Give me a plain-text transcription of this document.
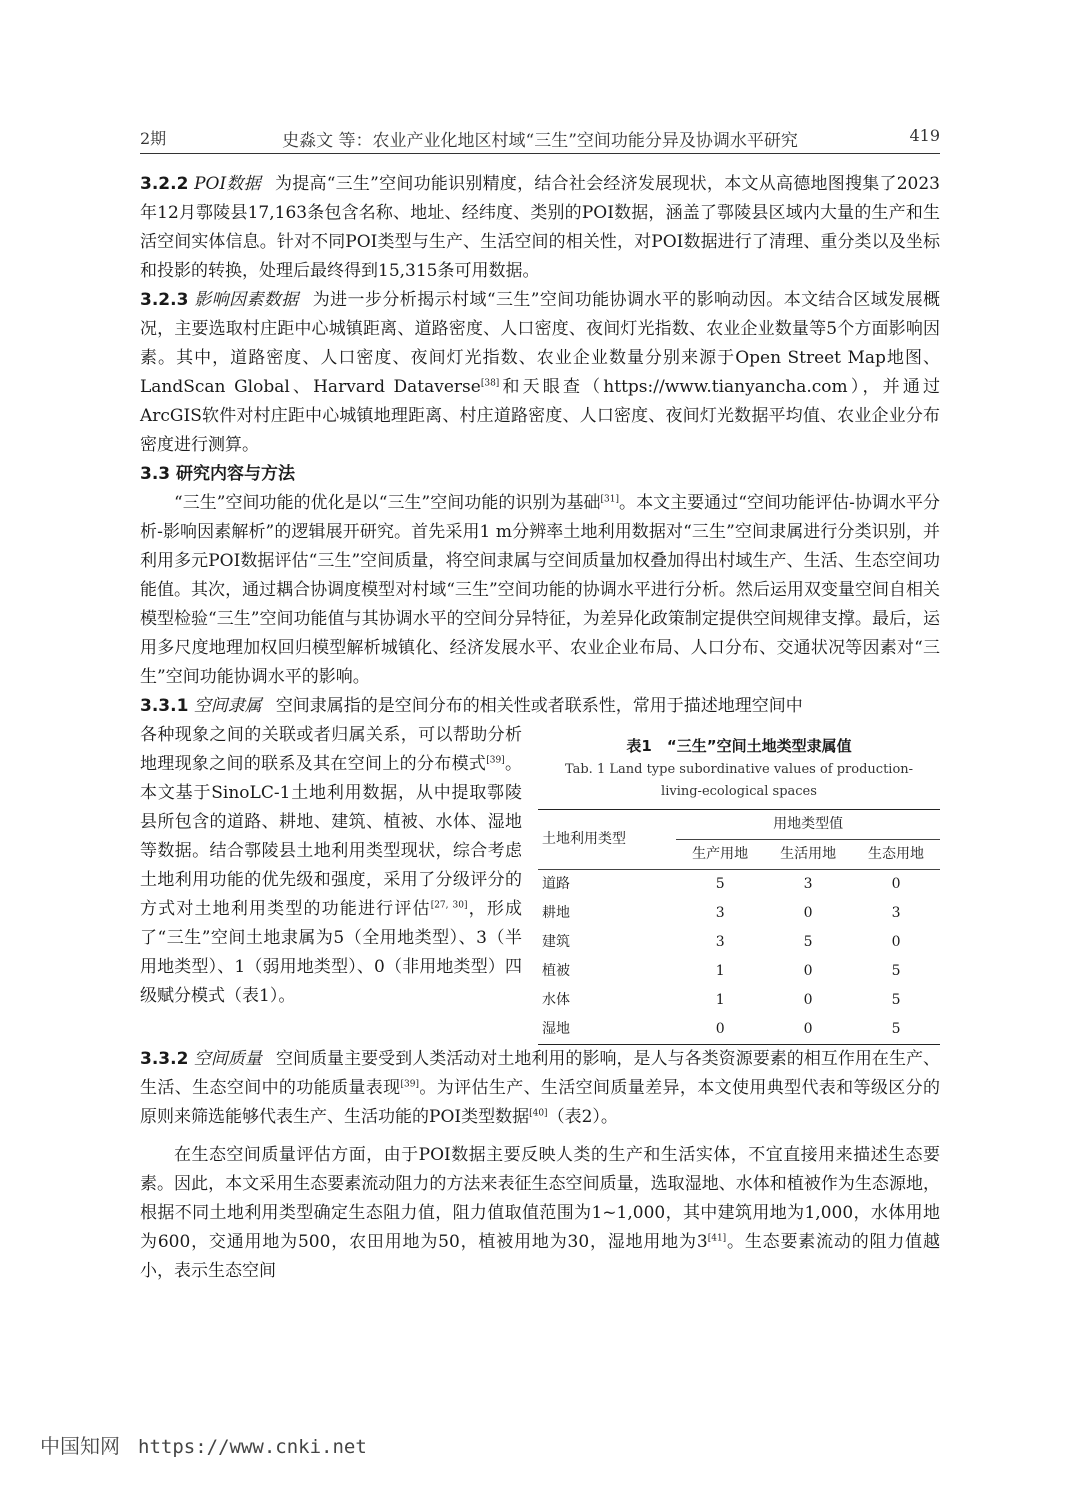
2期	史淼文 等：农业产业化地区村域“三生”空间功能分异及协调水平研究	419

3.2.2 POI数据 为提高“三生”空间功能识别精度，结合社会经济发展现状，本文从高德地图搜集了2023年12月鄠陵县17,163条包含名称、地址、经纬度、类别的POI数据，涵盖了鄠陵县区域内大量的生产和生活空间实体信息。针对不同POI类型与生产、生活空间的相关性，对POI数据进行了清理、重分类以及坐标和投影的转换，处理后最终得到15,315条可用数据。

3.2.3 影响因素数据 为进一步分析揭示村域“三生”空间功能协调水平的影响动因。本文结合区域发展概况，主要选取村庄距中心城镇距离、道路密度、人口密度、夜间灯光指数、农业企业数量等5个方面影响因素。其中，道路密度、人口密度、夜间灯光指数、农业企业数量分别来源于Open Street Map地图、LandScan Global、Harvard Dataverse[38]和天眼查（https://www.tianyancha.com），并通过ArcGIS软件对村庄距中心城镇地理距离、村庄道路密度、人口密度、夜间灯光数据平均值、农业企业分布密度进行测算。

3.3 研究内容与方法

“三生”空间功能的优化是以“三生”空间功能的识别为基础[31]。本文主要通过“空间功能评估-协调水平分析-影响因素解析”的逻辑展开研究。首先采用1 m分辨率土地利用数据对“三生”空间隶属进行分类识别，并利用多元POI数据评估“三生”空间质量，将空间隶属与空间质量加权叠加得出村域生产、生活、生态空间功能值。其次，通过耦合协调度模型对村域“三生”空间功能的协调水平进行分析。然后运用双变量空间自相关模型检验“三生”空间功能值与其协调水平的空间分异特征，为差异化政策制定提供空间规律支撑。最后，运用多尺度地理加权回归模型解析城镇化、经济发展水平、农业企业布局、人口分布、交通状况等因素对“三生”空间功能协调水平的影响。

3.3.1 空间隶属 空间隶属指的是空间分布的相关性或者联系性，常用于描述地理空间中

表1　“三生”空间土地类型隶属值
Tab. 1 Land type subordinative values of production-
living-ecological spaces
土地利用类型	用地类型值		
	生产用地	生活用地	生态用地
道路	5	3	0
耕地	3	0	3
建筑	3	5	0
植被	1	0	5
水体	1	0	5
湿地	0	0	5
各种现象之间的关联或者归属关系，可以帮助分析地理现象之间的联系及其在空间上的分布模式[39]。本文基于SinoLC-1土地利用数据，从中提取鄠陵县所包含的道路、耕地、建筑、植被、水体、湿地等数据。结合鄠陵县土地利用类型现状，综合考虑土地利用功能的优先级和强度，采用了分级评分的方式对土地利用类型的功能进行评估[27, 30]，形成了“三生”空间土地隶属为5（全用地类型）、3（半用地类型）、1（弱用地类型）、0（非用地类型）四级赋分模式（表1）。

3.3.2 空间质量 空间质量主要受到人类活动对土地利用的影响，是人与各类资源要素的相互作用在生产、生活、生态空间中的功能质量表现[39]。为评估生产、生活空间质量差异，本文使用典型代表和等级区分的原则来筛选能够代表生产、生活功能的POI类型数据[40]（表2）。

在生态空间质量评估方面，由于POI数据主要反映人类的生产和生活实体，不宜直接用来描述生态要素。因此，本文采用生态要素流动阻力的方法来表征生态空间质量，选取湿地、水体和植被作为生态源地，根据不同土地利用类型确定生态阻力值，阻力值取值范围为1~1,000，其中建筑用地为1,000，水体用地为600，交通用地为500，农田用地为50，植被用地为30，湿地用地为3[41]。生态要素流动的阻力值越小，表示生态空间

中国知网 https://www.cnki.net
